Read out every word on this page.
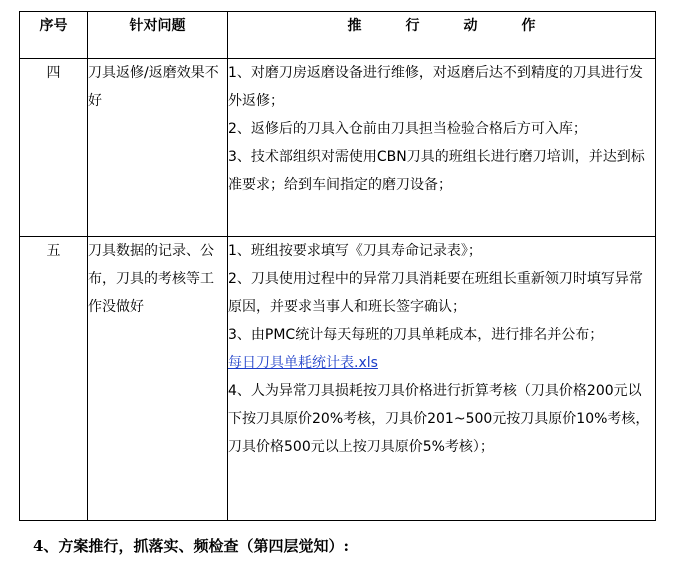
序号	针对问题	推 行 动 作
四	刀具返修/返磨效果不好	1、对磨刀房返磨设备进行维修，对返磨后达不到精度的刀具进行发外返修；
2、返修后的刀具入仓前由刀具担当检验合格后方可入库；
3、技术部组织对需使用CBN刀具的班组长进行磨刀培训，并达到标准要求；给到车间指定的磨刀设备；

五	刀具数据的记录、公布，刀具的考核等工作没做好	1、班组按要求填写《刀具寿命记录表》；
2、刀具使用过程中的异常刀具消耗要在班组长重新领刀时填写异常原因，并要求当事人和班长签字确认；
3、由PMC统计每天每班的刀具单耗成本，进行排名并公布；
每日刀具单耗统计表.xls
4、人为异常刀具损耗按刀具价格进行折算考核（刀具价格200元以下按刀具原价20%考核，刀具价201~500元按刀具原价10%考核，刀具价格500元以上按刀具原价5%考核）；
4、方案推行，抓落实、频检查（第四层觉知）:
